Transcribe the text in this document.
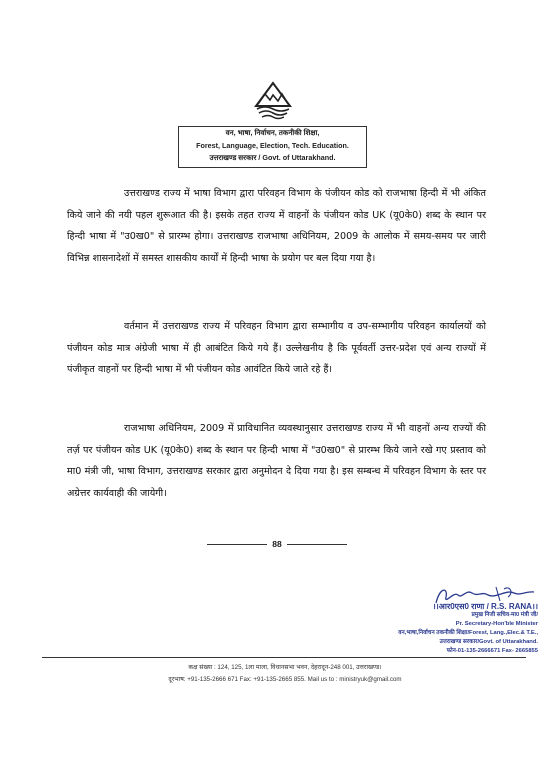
वन, भाषा, निर्वाचन, तकनीकी शिक्षा,
Forest, Language, Election, Tech. Education.
उत्तराखण्ड सरकार / Govt. of Uttarakhand.

उत्तराखण्ड राज्य में भाषा विभाग द्वारा परिवहन विभाग के पंजीयन कोड को राजभाषा हिन्दी में भी अंकित किये जाने की नयी पहल शुरूआत की है। इसके तहत राज्य में वाहनों के पंजीयन कोड UK (यू0के0) शब्द के स्थान पर हिन्दी भाषा में "उ0ख0" से प्रारम्भ होगा। उत्तराखण्ड राजभाषा अधिनियम, 2009 के आलोक में समय-समय पर जारी विभिन्न शासनादेशों में समस्त शासकीय कार्यों में हिन्दी भाषा के प्रयोग पर बल दिया गया है।

वर्तमान में उत्तराखण्ड राज्य में परिवहन विभाग द्वारा सम्भागीय व उप-सम्भागीय परिवहन कार्यालयों को पंजीयन कोड मात्र अंग्रेजी भाषा में ही आबंटित किये गये हैं। उल्लेखनीय है कि पूर्ववर्ती उत्तर-प्रदेश एवं अन्य राज्यों में पंजीकृत वाहनों पर हिन्दी भाषा में भी पंजीयन कोड आवंटित किये जाते रहे हैं।

राजभाषा अधिनियम, 2009 में प्राविधानित व्यवस्थानुसार उत्तराखण्ड राज्य में भी वाहनों अन्य राज्यों की तर्ज़ पर पंजीयन कोड UK (यू0के0) शब्द के स्थान पर हिन्दी भाषा में "उ0ख0" से प्रारम्भ किये जाने रखे गए प्रस्ताव को मा0 मंत्री जी, भाषा विभाग, उत्तराखण्ड सरकार द्वारा अनुमोदन दे दिया गया है। इस सम्बन्ध में परिवहन विभाग के स्तर पर अग्रेत्तर कार्यवाही की जायेगी।

88
।।आर0एस0 राणा / R.S. RANA।।
प्रमुख निजी सचिव-मा0 मंत्री जी/
Pr. Secretary-Hon'ble Minister
वन,भाषा,निर्वाचन तकनीकी शिक्षा/Forest, Lang.,Elec.& T.E.,
उत्तराखण्ड सरकार/Govt. of Uttarakhand.
फोन-01-135-2666671 Fax- 2665855
कक्ष संख्या : 124, 125, 1ला माला, विधानसभा भवन, देहरादून-248 001, उत्तराखण्ड।
दूरभाष: +91-135-2666 671 Fax: +91-135-2665 855. Mail us to : ministryuk@gmail.com
